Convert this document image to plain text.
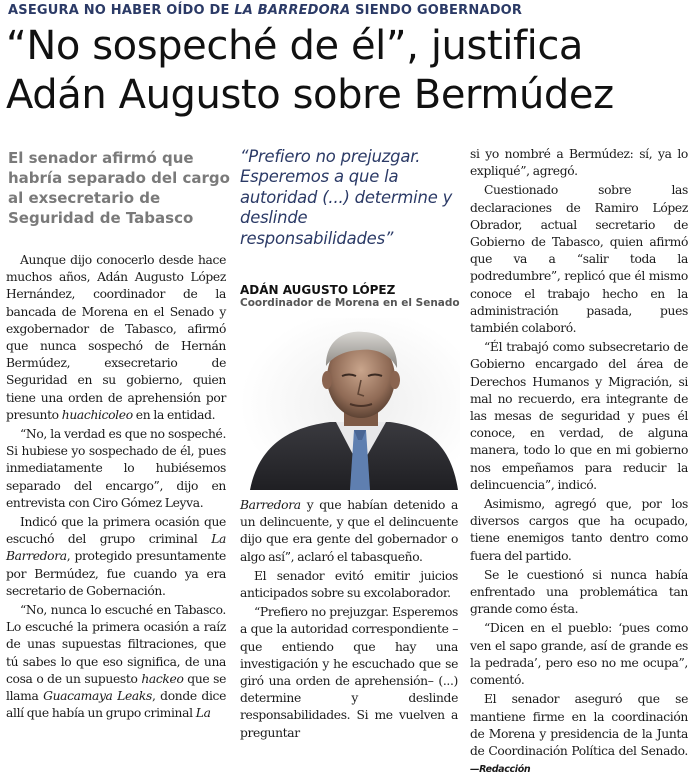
ASEGURA NO HABER OÍDO DE LA BARREDORA SIENDO GOBERNADOR
“No sospeché de él”, justifica Adán Augusto sobre Bermúdez
El senador afirmó que habría separado del cargo al exsecretario de Seguridad de Tabasco

Aunque dijo conocerlo desde hace muchos años, Adán Augusto López Hernández, coordinador de la bancada de Morena en el Senado y exgobernador de Tabasco, afirmó que nunca sospechó de Hernán Bermúdez, exsecretario de Seguridad en su gobierno, quien tiene una orden de aprehensión por presunto huachicoleo en la entidad.

“No, la verdad es que no sospeché. Si hubiese yo sospechado de él, pues inmediatamente lo hubiésemos separado del encargo”, dijo en entrevista con Ciro Gómez Leyva.

Indicó que la primera ocasión que escuchó del grupo criminal La Barredora, protegido presuntamente por Bermúdez, fue cuando ya era secretario de Gobernación.

“No, nunca lo escuché en Tabasco. Lo escuché la primera ocasión a raíz de unas supuestas filtraciones, que tú sabes lo que eso significa, de una cosa o de un supuesto hackeo que se llama Guacamaya Leaks, donde dice allí que había un grupo criminal La

“Prefiero no prejuzgar. Esperemos a que la autoridad (...) determine y deslinde responsabilidades”
ADÁN AUGUSTO LÓPEZ
Coordinador de Morena en el Senado

Barredora y que habían detenido a un delincuente, y que el delincuente dijo que era gente del gobernador o algo así”, aclaró el tabasqueño.

El senador evitó emitir juicios anticipados sobre su excolaborador.

“Prefiero no prejuzgar. Esperemos a que la autoridad correspondiente –que entiendo que hay una investigación y he escuchado que se giró una orden de aprehensión– (...) determine y deslinde responsabilidades. Si me vuelven a preguntar

si yo nombré a Bermúdez: sí, ya lo expliqué”, agregó.

Cuestionado sobre las declaraciones de Ramiro López Obrador, actual secretario de Gobierno de Tabasco, quien afirmó que va a “salir toda la podredumbre”, replicó que él mismo conoce el trabajo hecho en la administración pasada, pues también colaboró.

“Él trabajó como subsecretario de Gobierno encargado del área de Derechos Humanos y Migración, si mal no recuerdo, era integrante de las mesas de seguridad y pues él conoce, en verdad, de alguna manera, todo lo que en mi gobierno nos empeñamos para reducir la delincuencia”, indicó.

Asimismo, agregó que, por los diversos cargos que ha ocupado, tiene enemigos tanto dentro como fuera del partido.

Se le cuestionó si nunca había enfrentado una problemática tan grande como ésta.

“Dicen en el pueblo: ‘pues como ven el sapo grande, así de grande es la pedrada’, pero eso no me ocupa”, comentó.

El senador aseguró que se mantiene firme en la coordinación de Morena y presidencia de la Junta de Coordinación Política del Senado. —Redacción
